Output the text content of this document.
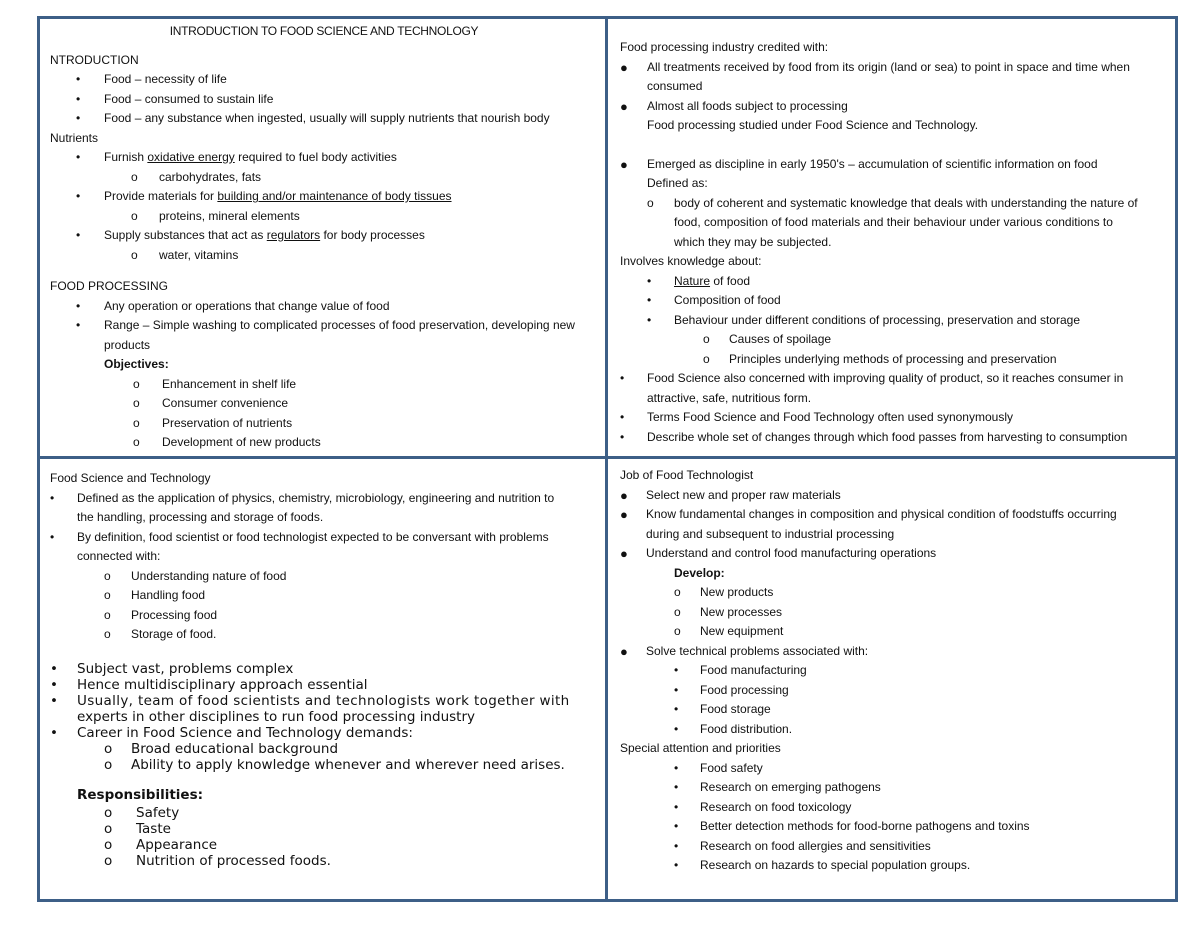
INTRODUCTION TO FOOD SCIENCE AND TECHNOLOGY
NTRODUCTION
• Food – necessity of life
• Food – consumed to sustain life
• Food – any substance when ingested, usually will supply nutrients that nourish body
Nutrients
• Furnish oxidative energy required to fuel body activities
o carbohydrates, fats
• Provide materials for building and/or maintenance of body tissues
o proteins, mineral elements
• Supply substances that act as regulators for body processes
o water, vitamins
FOOD PROCESSING
• Any operation or operations that change value of food
• Range – Simple washing to complicated processes of food preservation, developing new
products
Objectives:
o Enhancement in shelf life
o Consumer convenience
o Preservation of nutrients
o Development of new products
Food processing industry credited with:
● All treatments received by food from its origin (land or sea) to point in space and time when
consumed
● Almost all foods subject to processing
Food processing studied under Food Science and Technology.
● Emerged as discipline in early 1950's – accumulation of scientific information on food
Defined as:
o body of coherent and systematic knowledge that deals with understanding the nature of
food, composition of food materials and their behaviour under various conditions to
which they may be subjected.
Involves knowledge about:
• Nature of food
• Composition of food
• Behaviour under different conditions of processing, preservation and storage
o Causes of spoilage
o Principles underlying methods of processing and preservation
• Food Science also concerned with improving quality of product, so it reaches consumer in
attractive, safe, nutritious form.
• Terms Food Science and Food Technology often used synonymously
• Describe whole set of changes through which food passes from harvesting to consumption
Food Science and Technology
• Defined as the application of physics, chemistry, microbiology, engineering and nutrition to
the handling, processing and storage of foods.
• By definition, food scientist or food technologist expected to be conversant with problems
connected with:
o Understanding nature of food
o Handling food
o Processing food
o Storage of food.
• Subject vast, problems complex
• Hence multidisciplinary approach essential
• Usually, team of food scientists and technologists work together with
experts in other disciplines to run food processing industry
• Career in Food Science and Technology demands:
o Broad educational background
o Ability to apply knowledge whenever and wherever need arises.
Responsibilities:
o Safety
o Taste
o Appearance
o Nutrition of processed foods.
Job of Food Technologist
● Select new and proper raw materials
● Know fundamental changes in composition and physical condition of foodstuffs occurring
during and subsequent to industrial processing
● Understand and control food manufacturing operations
Develop:
o New products
o New processes
o New equipment
● Solve technical problems associated with:
• Food manufacturing
• Food processing
• Food storage
• Food distribution.
Special attention and priorities
• Food safety
• Research on emerging pathogens
• Research on food toxicology
• Better detection methods for food-borne pathogens and toxins
• Research on food allergies and sensitivities
• Research on hazards to special population groups.
